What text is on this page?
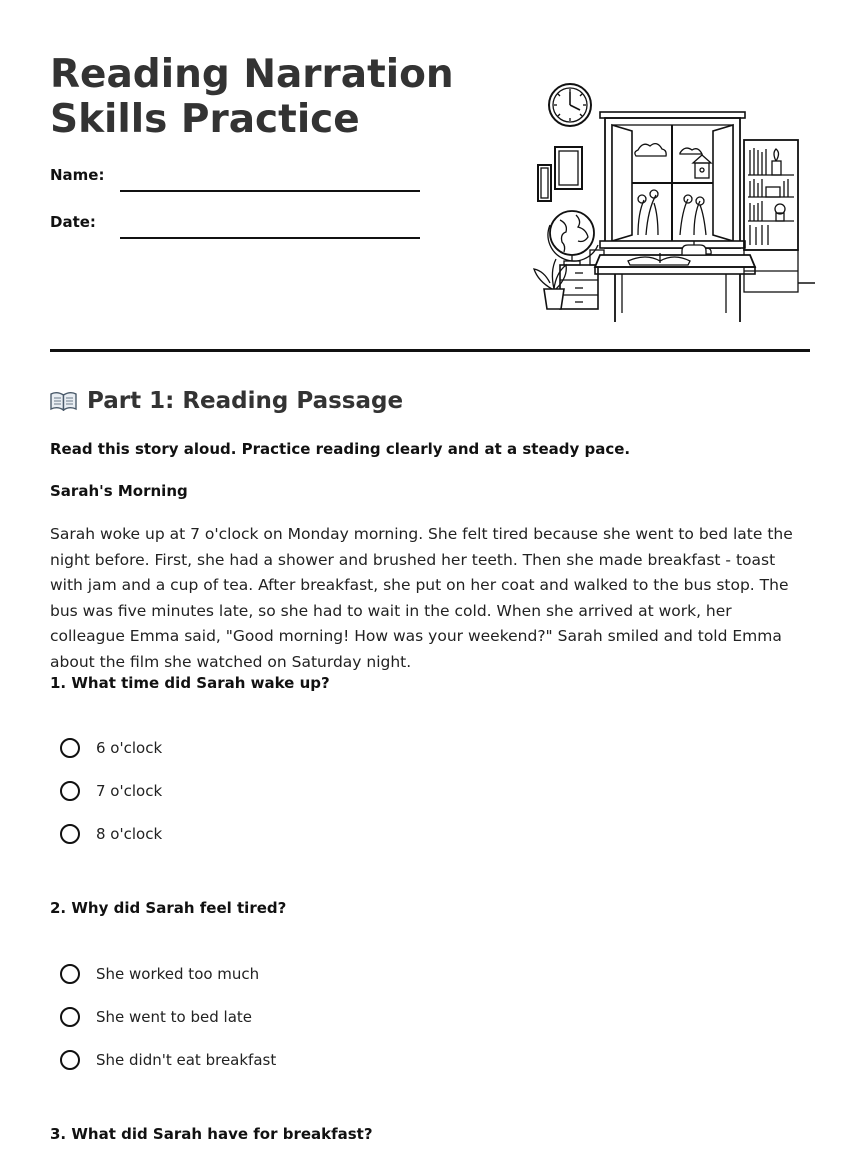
Reading Narration Skills Practice
Name:
Date:
Part 1: Reading Passage

Read this story aloud. Practice reading clearly and at a steady pace.

Sarah's Morning

Sarah woke up at 7 o'clock on Monday morning. She felt tired because she went to bed late the night before. First, she had a shower and brushed her teeth. Then she made breakfast - toast with jam and a cup of tea. After breakfast, she put on her coat and walked to the bus stop. The bus was five minutes late, so she had to wait in the cold. When she arrived at work, her colleague Emma said, "Good morning! How was your weekend?" Sarah smiled and told Emma about the film she watched on Saturday night.

1. What time did Sarah wake up?

6 o'clock
7 o'clock
8 o'clock

2. Why did Sarah feel tired?

She worked too much
She went to bed late
She didn't eat breakfast

3. What did Sarah have for breakfast?
